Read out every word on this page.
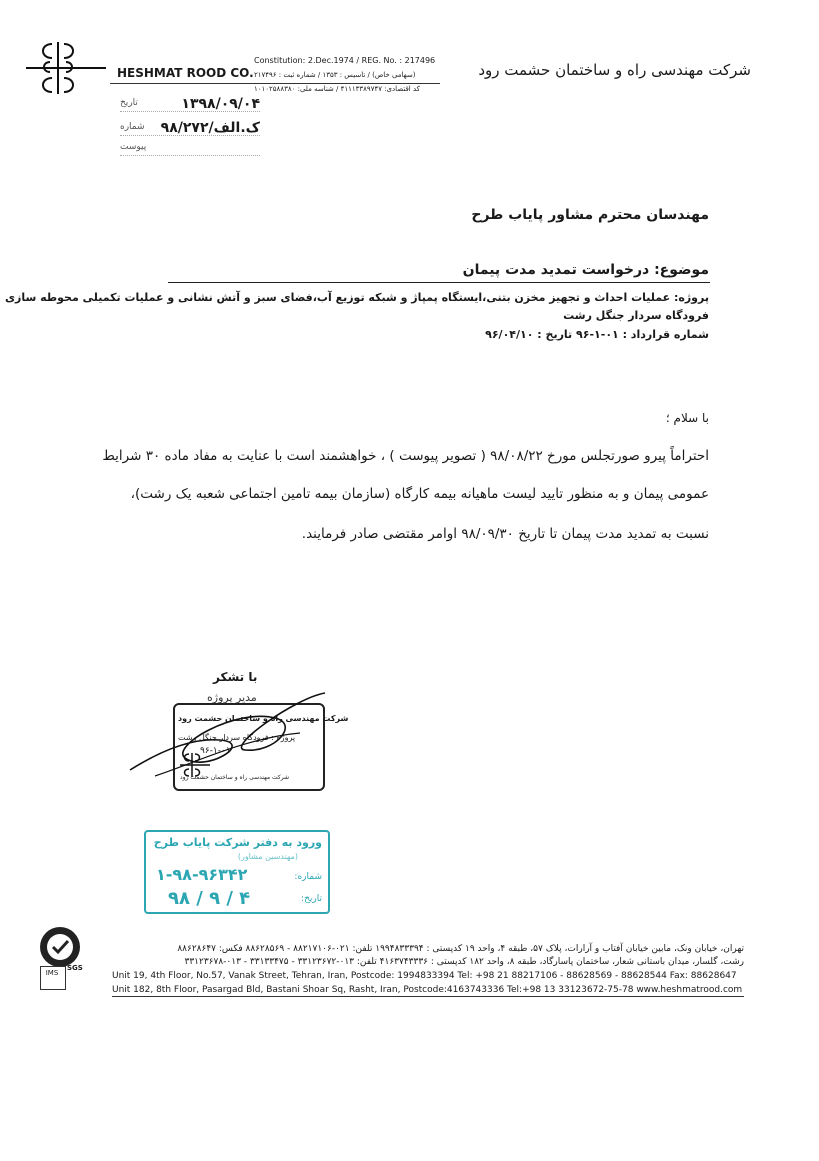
HESHMAT ROOD CO.
Constitution: 2.Dec.1974 / REG. No. : 217496
(سهامی خاص) / تاسیس : ۱۳۵۳ / شماره ثبت : ۲۱۷۴۹۶
کد اقتصادی: ۴۱۱۱۳۳۸۹۷۴۷ / شناسه ملی: ۱۰۱۰۲۵۸۸۳۸۰
شرکت مهندسی راه و ساختمان حشمت رود
تاریخ	۱۳۹۸/۰۹/۰۴
شماره ۹۸/ک.الف/۲۷۲
پیوست
مهندسان محترم مشاور پایاب طرح
موضوع: درخواست تمدید مدت پیمان
پروژه: عملیات احداث و تجهیز مخزن بتنی،ایستگاه پمپاژ و شبکه توزیع آب،فضای سبز و آتش نشانی و عملیات تکمیلی محوطه سازی
فرودگاه سردار جنگل رشت
شماره قرارداد : ۰۱-۱-۹۶ تاریخ : ۹۶/۰۴/۱۰
با سلام ؛
احتراماً پیرو صورتجلس مورخ ۹۸/۰۸/۲۲ ( تصویر پیوست ) ، خواهشمند است با عنایت به مفاد ماده ۳۰ شرایط
عمومی پیمان و به منظور تایید لیست ماهیانه بیمه کارگاه (سازمان بیمه تامین اجتماعی شعبه یک رشت)،
نسبت به تمدید مدت پیمان تا تاریخ ۹۸/۰۹/۳۰ اوامر مقتضی صادر فرمایند.
با تشکر
مدیر پروژه
شرکت مهندسی راه و ساختمان حشمت رود
پروژه : فرودگاه سردار جنگل رشت
۹۶-۱-۰۱
شرکت مهندسی راه و ساختمان حشمت رود
ورود به دفتر شرکت پایاب طرح
(مهندسین مشاور)
شماره:
۱-۹۸-۹۶۳۴۲
تاریخ:
۹۸ / ۹ / ۴
SGS
IMS
تهران، خیابان ونک، مابین خیابان آفتاب و آرارات، پلاک ۵۷، طبقه ۴، واحد ۱۹ کدپستی : ۱۹۹۴۸۳۳۳۹۴ تلفن: ۰۲۱-۸۸۲۱۷۱۰۶ - ۸۸۶۲۸۵۶۹ فکس: ۸۸۶۲۸۶۴۷
رشت، گلسار، میدان باستانی شعار، ساختمان پاسارگاد، طبقه ۸، واحد ۱۸۲ کدپستی : ۴۱۶۳۷۴۳۳۳۶ تلفن: ۰۱۳-۳۳۱۲۳۶۷۲ - ۳۳۱۳۳۴۷۵ - ۰۱۳-۳۳۱۲۳۶۷۸
Unit 19, 4th Floor, No.57, Vanak Street, Tehran, Iran, Postcode: 1994833394 Tel: +98 21 88217106 - 88628569 - 88628544 Fax: 88628647
Unit 182, 8th Floor, Pasargad Bld, Bastani Shoar Sq, Rasht, Iran, Postcode:4163743336 Tel:+98 13 33123672-75-78 www.heshmatrood.com
